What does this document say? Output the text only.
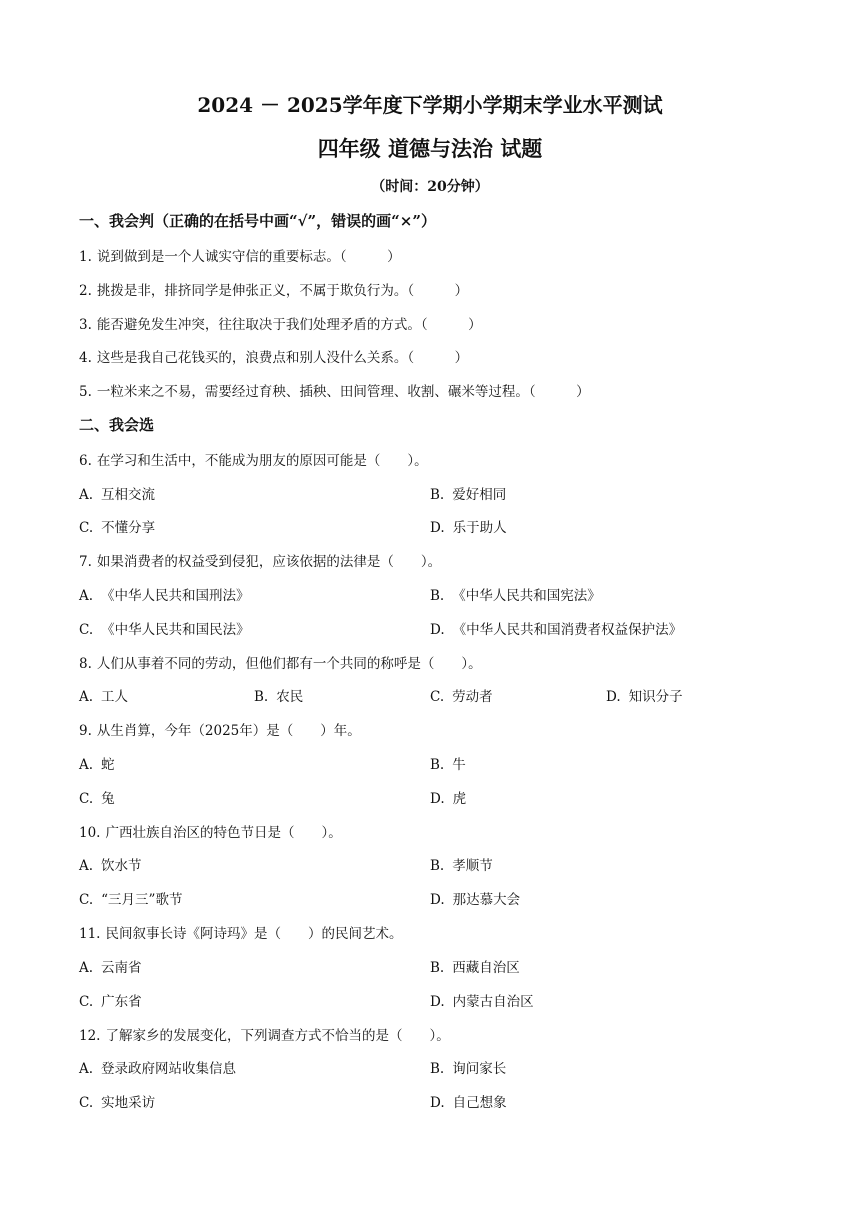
2024 － 2025学年度下学期小学期末学业水平测试
四年级 道德与法治 试题
（时间：20分钟）
一、我会判（正确的在括号中画“√”，错误的画“×”）
1. 说到做到是一个人诚实守信的重要标志。（　　　）
2. 挑拨是非，排挤同学是伸张正义，不属于欺负行为。（　　　）
3. 能否避免发生冲突，往往取决于我们处理矛盾的方式。（　　　）
4. 这些是我自己花钱买的，浪费点和别人没什么关系。（　　　）
5. 一粒米来之不易，需要经过育秧、插秧、田间管理、收割、碾米等过程。（　　　）
二、我会选
6. 在学习和生活中，不能成为朋友的原因可能是（　　）。
A. 互相交流	B. 爱好相同
C. 不懂分享	D. 乐于助人
7. 如果消费者的权益受到侵犯，应该依据的法律是（　　）。
A. 《中华人民共和国刑法》	B. 《中华人民共和国宪法》
C. 《中华人民共和国民法》	D. 《中华人民共和国消费者权益保护法》
8. 人们从事着不同的劳动，但他们都有一个共同的称呼是（　　）。
A. 工人	B. 农民	C. 劳动者	D. 知识分子
9. 从生肖算，今年（2025年）是（　　）年。
A. 蛇	B. 牛
C. 兔	D. 虎
10. 广西壮族自治区的特色节日是（　　）。
A. 饮水节	B. 孝顺节
C. “三月三”歌节	D. 那达慕大会
11. 民间叙事长诗《阿诗玛》是（　　）的民间艺术。
A. 云南省	B. 西藏自治区
C. 广东省	D. 内蒙古自治区
12. 了解家乡的发展变化，下列调查方式不恰当的是（　　）。
A. 登录政府网站收集信息	B. 询问家长
C. 实地采访	D. 自己想象
